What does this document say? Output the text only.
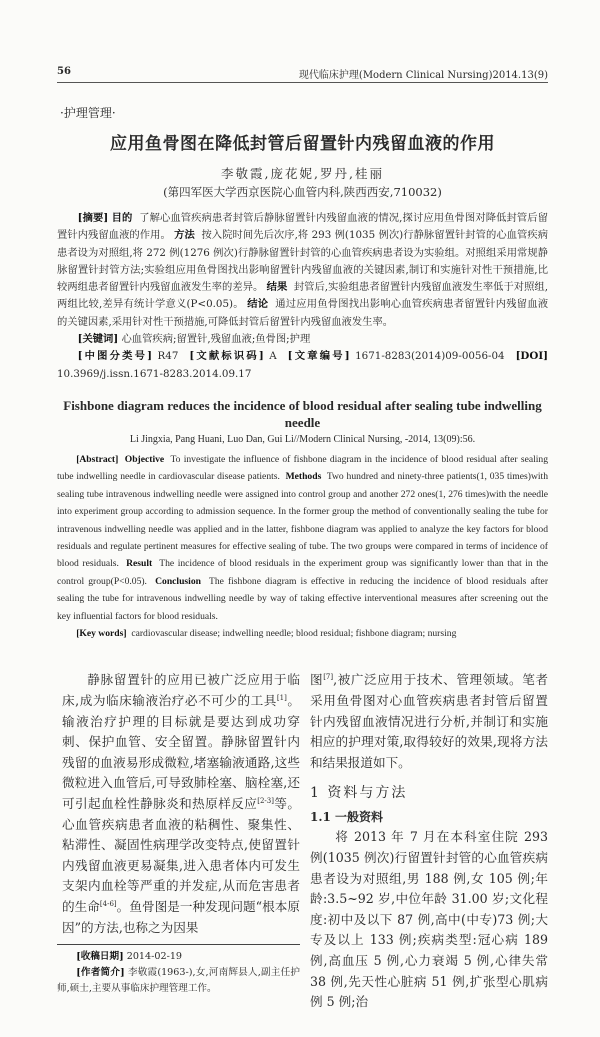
56	现代临床护理(Modern Clinical Nursing)2014.13(9)
·护理管理·
应用鱼骨图在降低封管后留置针内残留血液的作用
李敬霞,庞花妮,罗丹,桂丽
(第四军医大学西京医院心血管内科,陕西西安,710032)

[摘要] 目的 了解心血管疾病患者封管后静脉留置针内残留血液的情况,探讨应用鱼骨图对降低封管后留置针内残留血液的作用。 方法 按入院时间先后次序,将 293 例(1035 例次)行静脉留置针封管的心血管疾病患者设为对照组,将 272 例(1276 例次)行静脉留置针封管的心血管疾病患者设为实验组。对照组采用常规静脉留置针封管方法;实验组应用鱼骨图找出影响留置针内残留血液的关键因素,制订和实施针对性干预措施,比较两组患者留置针内残留血液发生率的差异。 结果 封管后,实验组患者留置针内残留血液发生率低于对照组,两组比较,差异有统计学意义(P<0.05)。 结论 通过应用鱼骨图找出影响心血管疾病患者留置针内残留血液的关键因素,采用针对性干预措施,可降低封管后留置针内残留血液发生率。

[关键词] 心血管疾病;留置针,残留血液;鱼骨图;护理

[中图分类号] R47 [文献标识码] A [文章编号] 1671-8283(2014)09-0056-04 [DOI] 10.3969/j.issn.1671-8283.2014.09.17

Fishbone diagram reduces the incidence of blood residual after sealing tube indwelling needle
Li Jingxia, Pang Huani, Luo Dan, Gui Li//Modern Clinical Nursing, -2014, 13(09):56.

[Abstract] Objective To investigate the influence of fishbone diagram in the incidence of blood residual after sealing tube indwelling needle in cardiovascular disease patients. Methods Two hundred and ninety-three patients(1, 035 times)with sealing tube intravenous indwelling needle were assigned into control group and another 272 ones(1, 276 times)with the needle into experiment group according to admission sequence. In the former group the method of conventionally sealing the tube for intravenous indwelling needle was applied and in the latter, fishbone diagram was applied to analyze the key factors for blood residuals and regulate pertinent measures for effective sealing of tube. The two groups were compared in terms of incidence of blood residuals. Result The incidence of blood residuals in the experiment group was significantly lower than that in the control group(P<0.05). Conclusion The fishbone diagram is effective in reducing the incidence of blood residuals after sealing the tube for intravenous indwelling needle by way of taking effective interventional measures after screening out the key influential factors for blood residuals.

[Key words] cardiovascular disease; indwelling needle; blood residual; fishbone diagram; nursing

静脉留置针的应用已被广泛应用于临床,成为临床输液治疗必不可少的工具[1]。输液治疗护理的目标就是要达到成功穿刺、保护血管、安全留置。静脉留置针内残留的血液易形成微粒,堵塞输液通路,这些微粒进入血管后,可导致肺栓塞、脑栓塞,还可引起血栓性静脉炎和热原样反应[2-3]等。心血管疾病患者血液的粘稠性、聚集性、粘滞性、凝固性病理学改变特点,使留置针内残留血液更易凝集,进入患者体内可发生支架内血栓等严重的并发症,从而危害患者的生命[4-6]。鱼骨图是一种发现问题“根本原因”的方法,也称之为因果

[收稿日期] 2014-02-19

[作者简介] 李敬霞(1963-),女,河南辉县人,副主任护师,硕士,主要从事临床护理管理工作。

图[7],被广泛应用于技术、管理领域。笔者采用鱼骨图对心血管疾病患者封管后留置针内残留血液情况进行分析,并制订和实施相应的护理对策,取得较好的效果,现将方法和结果报道如下。

1 资料与方法

1.1 一般资料

将 2013 年 7 月在本科室住院 293 例(1035 例次)行留置针封管的心血管疾病患者设为对照组,男 188 例,女 105 例;年龄:3.5~92 岁,中位年龄 31.00 岁;文化程度:初中及以下 87 例,高中(中专)73 例;大专及以上 133 例;疾病类型:冠心病 189 例,高血压 5 例,心力衰竭 5 例,心律失常 38 例,先天性心脏病 51 例,扩张型心肌病例 5 例;治
